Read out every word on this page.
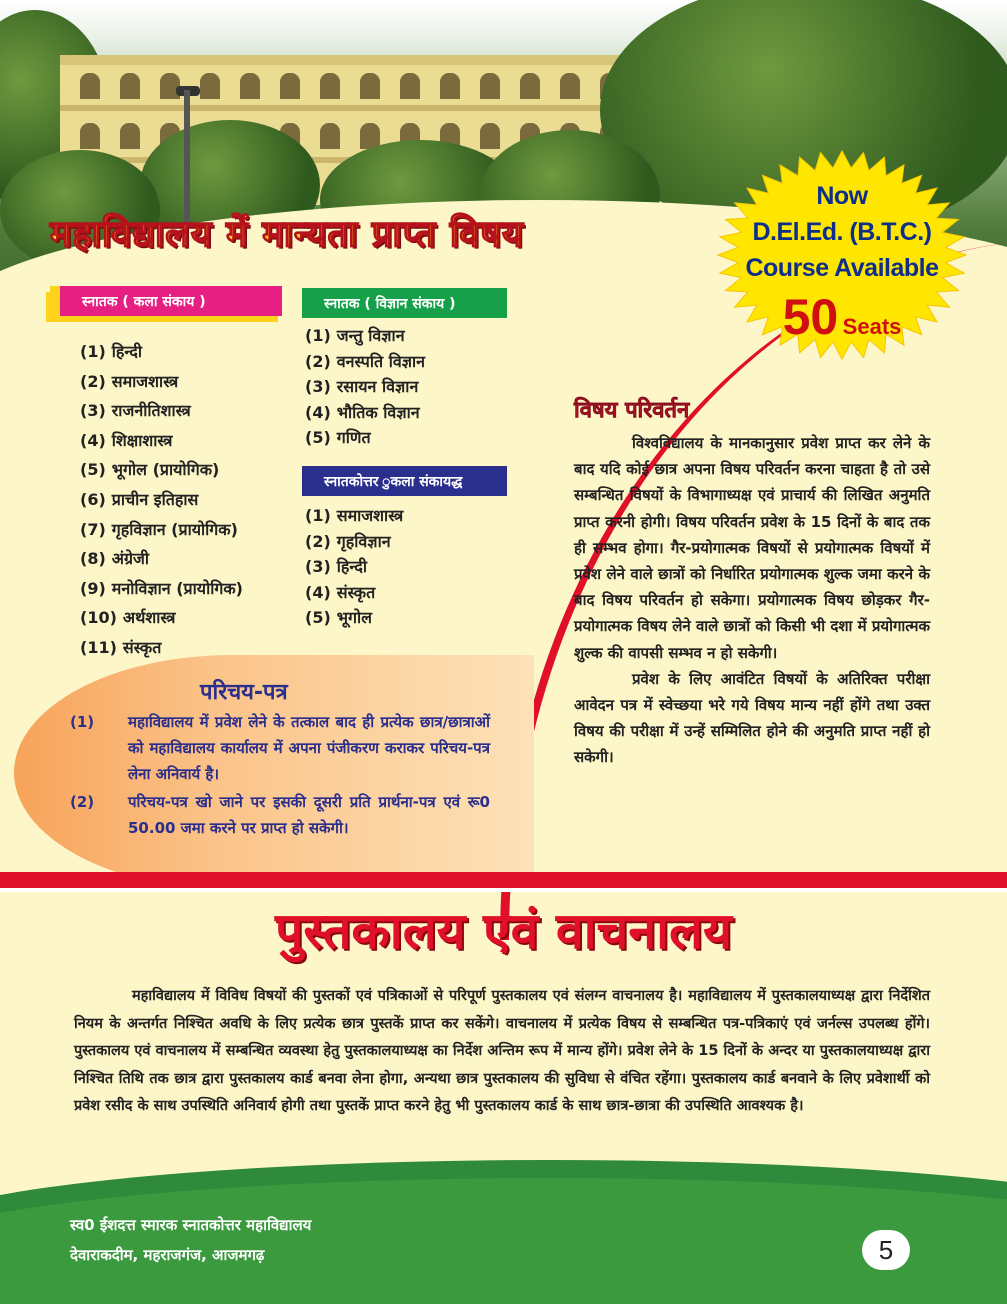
Now
D.El.Ed. (B.T.C.)
Course Available
50 Seats
महाविद्यालय में मान्यता प्राप्त विषय
स्नातक ( कला संकाय )	स्नातक ( विज्ञान संकाय )
स्नातकोत्तर ुकला संकायद्ध
(1) हिन्दी
(2) समाजशास्त्र
(3) राजनीतिशास्त्र
(4) शिक्षाशास्त्र
(5) भूगोल (प्रायोगिक)
(6) प्राचीन इतिहास
(7) गृहविज्ञान (प्रायोगिक)
(8) अंग्रेजी
(9) मनोविज्ञान (प्रायोगिक)
(10) अर्थशास्त्र
(11) संस्कृत
(1) जन्तु विज्ञान
(2) वनस्पति विज्ञान
(3) रसायन विज्ञान
(4) भौतिक विज्ञान
(5) गणित
(1) समाजशास्त्र
(2) गृहविज्ञान
(3) हिन्दी
(4) संस्कृत
(5) भूगोल
परिचय-पत्र
(1) महाविद्यालय में प्रवेश लेने के तत्काल बाद ही प्रत्येक छात्र/छात्राओं को महाविद्यालय कार्यालय में अपना पंजीकरण कराकर परिचय-पत्र लेना अनिवार्य है।
(2) परिचय-पत्र खो जाने पर इसकी दूसरी प्रति प्रार्थना-पत्र एवं रू0 50.00 जमा करने पर प्राप्त हो सकेगी।
विषय परिवर्तन

विश्वविद्यालय के मानकानुसार प्रवेश प्राप्त कर लेने के बाद यदि कोई छात्र अपना विषय परिवर्तन करना चाहता है तो उसे सम्बन्धित विषयों के विभागाध्यक्ष एवं प्राचार्य की लिखित अनुमति प्राप्त करनी होगी। विषय परिवर्तन प्रवेश के 15 दिनों के बाद तक ही सम्भव होगा। गैर-प्रयोगात्मक विषयों से प्रयोगात्मक विषयों में प्रवेश लेने वाले छात्रों को निर्धारित प्रयोगात्मक शुल्क जमा करने के बाद विषय परिवर्तन हो सकेगा। प्रयोगात्मक विषय छोड़कर गैर-प्रयोगात्मक विषय लेने वाले छात्रों को किसी भी दशा में प्रयोगात्मक शुल्क की वापसी सम्भव न हो सकेगी।

प्रवेश के लिए आवंटित विषयों के अतिरिक्त परीक्षा आवेदन पत्र में स्वेच्छया भरे गये विषय मान्य नहीं होंगे तथा उक्त विषय की परीक्षा में उन्हें सम्मिलित होने की अनुमति प्राप्त नहीं हो सकेगी।

पुस्तकालय एवं वाचनालय

महाविद्यालय में विविध विषयों की पुस्तकों एवं पत्रिकाओं से परिपूर्ण पुस्तकालय एवं संलग्न वाचनालय है। महाविद्यालय में पुस्तकालयाध्यक्ष द्वारा निर्देशित नियम के अन्तर्गत निश्चित अवधि के लिए प्रत्येक छात्र पुस्तकें प्राप्त कर सकेंगे। वाचनालय में प्रत्येक विषय से सम्बन्धित पत्र-पत्रिकाएं एवं जर्नल्स उपलब्ध होंगे। पुस्तकालय एवं वाचनालय में सम्बन्धित व्यवस्था हेतु पुस्तकालयाध्यक्ष का निर्देश अन्तिम रूप में मान्य होंगे। प्रवेश लेने के 15 दिनों के अन्दर या पुस्तकालयाध्यक्ष द्वारा निश्चित तिथि तक छात्र द्वारा पुस्तकालय कार्ड बनवा लेना होगा, अन्यथा छात्र पुस्तकालय की सुविधा से वंचित रहेंगा। पुस्तकालय कार्ड बनवाने के लिए प्रवेशार्थी को प्रवेश रसीद के साथ उपस्थिति अनिवार्य होगी तथा पुस्तकें प्राप्त करने हेतु भी पुस्तकालय कार्ड के साथ छात्र-छात्रा की उपस्थिति आवश्यक है।

स्व0 ईशदत्त स्मारक स्नातकोत्तर महाविद्यालय
देवाराकदीम, महराजगंज, आजमगढ़	5
